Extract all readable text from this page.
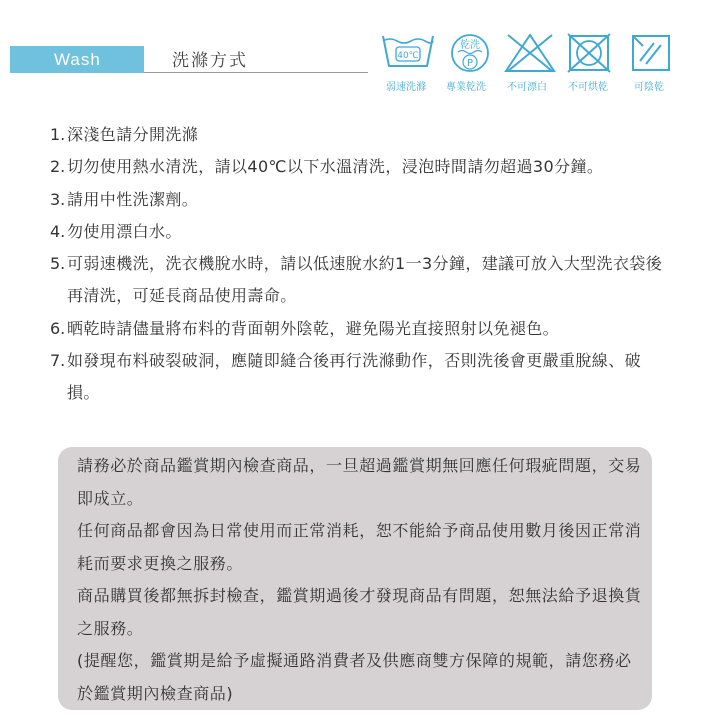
Wash	洗滌方式	40℃
乾洗
P
弱速洗滌 專業乾洗 不可漂白 不可烘乾	可陰乾
1. 深淺色請分開洗滌
2. 切勿使用熱水清洗，請以40℃以下水溫清洗，浸泡時間請勿超過30分鐘。
3. 請用中性洗潔劑。
4. 勿使用漂白水。
5. 可弱速機洗，洗衣機脫水時，請以低速脫水約1一3分鐘，建議可放入大型洗衣袋後再清洗，可延長商品使用壽命。
6. 晒乾時請儘量將布料的背面朝外陰乾，避免陽光直接照射以免褪色。
7. 如發現布料破裂破洞，應隨即縫合後再行洗滌動作，否則洗後會更嚴重脫線、破損。

請務必於商品鑑賞期內檢查商品，一旦超過鑑賞期無回應任何瑕疵問題，交易即成立。

任何商品都會因為日常使用而正常消耗，恕不能給予商品使用數月後因正常消耗而要求更換之服務。

商品購買後都無拆封檢查，鑑賞期過後才發現商品有問題，恕無法給予退換貨之服務。

(提醒您，鑑賞期是給予虛擬通路消費者及供應商雙方保障的規範，請您務必於鑑賞期內檢查商品)
